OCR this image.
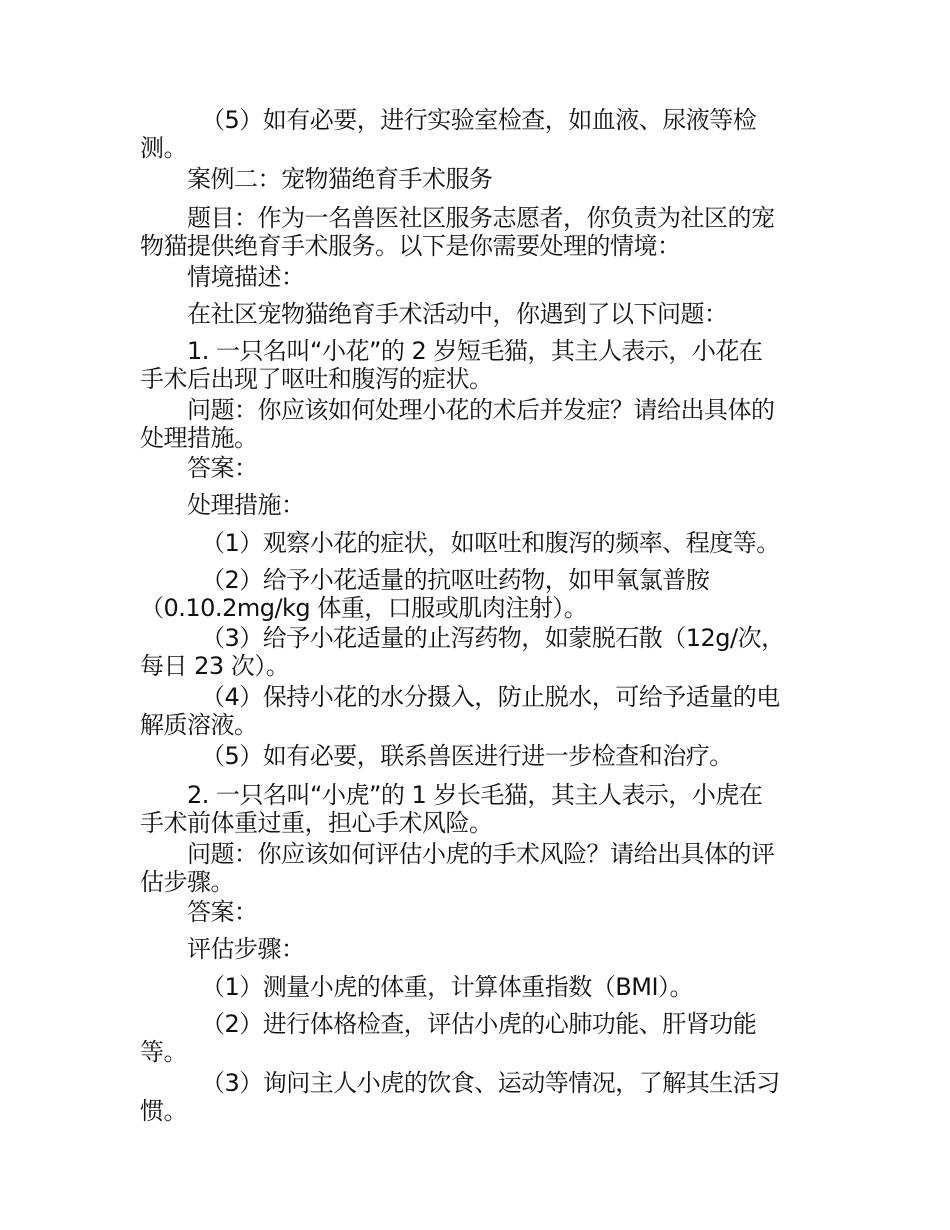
（5）如有必要，进行实验室检查，如血液、尿液等检
测。

案例二：宠物猫绝育手术服务

题目：作为一名兽医社区服务志愿者，你负责为社区的宠
物猫提供绝育手术服务。以下是你需要处理的情境：

情境描述：

在社区宠物猫绝育手术活动中，你遇到了以下问题：

1. 一只名叫“小花”的 2 岁短毛猫，其主人表示，小花在
手术后出现了呕吐和腹泻的症状。

问题：你应该如何处理小花的术后并发症？请给出具体的
处理措施。

答案：

处理措施：

（1）观察小花的症状，如呕吐和腹泻的频率、程度等。

（2）给予小花适量的抗呕吐药物，如甲氧氯普胺
（0.10.2mg/kg 体重，口服或肌肉注射）。

（3）给予小花适量的止泻药物，如蒙脱石散（12g/次，
每日 23 次）。

（4）保持小花的水分摄入，防止脱水，可给予适量的电
解质溶液。

（5）如有必要，联系兽医进行进一步检查和治疗。

2. 一只名叫“小虎”的 1 岁长毛猫，其主人表示，小虎在
手术前体重过重，担心手术风险。

问题：你应该如何评估小虎的手术风险？请给出具体的评
估步骤。

答案：

评估步骤：

（1）测量小虎的体重，计算体重指数（BMI）。

（2）进行体格检查，评估小虎的心肺功能、肝肾功能
等。

（3）询问主人小虎的饮食、运动等情况，了解其生活习
惯。
